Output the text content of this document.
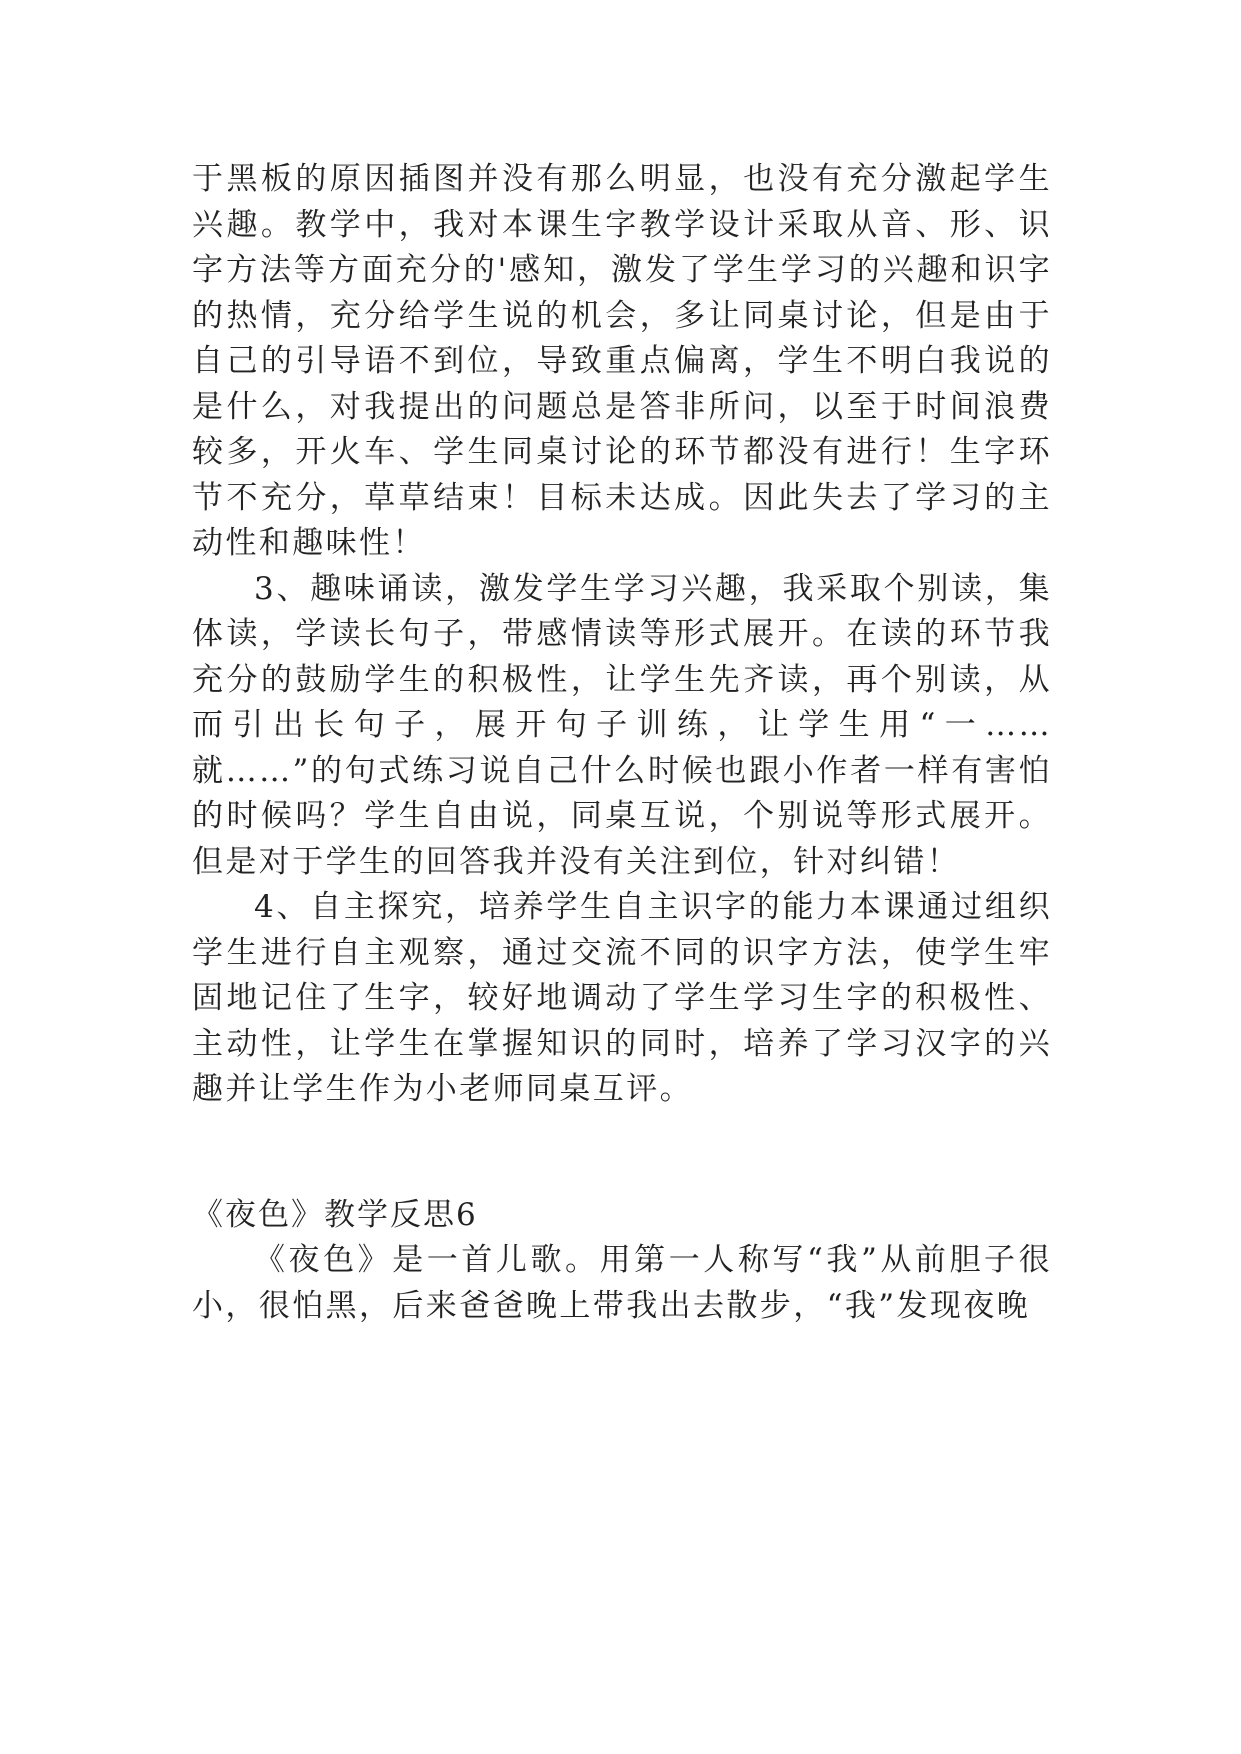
于黑板的原因插图并没有那么明显，也没有充分激起学生兴趣。教学中，我对本课生字教学设计采取从音、形、识字方法等方面充分的'感知，激发了学生学习的兴趣和识字的热情，充分给学生说的机会，多让同桌讨论，但是由于自己的引导语不到位，导致重点偏离，学生不明白我说的是什么，对我提出的问题总是答非所问，以至于时间浪费较多，开火车、学生同桌讨论的环节都没有进行！生字环节不充分，草草结束！目标未达成。因此失去了学习的主动性和趣味性！

3、趣味诵读，激发学生学习兴趣，我采取个别读，集体读，学读长句子，带感情读等形式展开。在读的环节我充分的鼓励学生的积极性，让学生先齐读，再个别读，从而引出长句子，展开句子训练，让学生用“一……就……”的句式练习说自己什么时候也跟小作者一样有害怕的时候吗？学生自由说，同桌互说，个别说等形式展开。但是对于学生的回答我并没有关注到位，针对纠错！

4、自主探究，培养学生自主识字的能力本课通过组织学生进行自主观察，通过交流不同的识字方法，使学生牢固地记住了生字，较好地调动了学生学习生字的积极性、主动性，让学生在掌握知识的同时，培养了学习汉字的兴趣并让学生作为小老师同桌互评。

《夜色》教学反思6

《夜色》是一首儿歌。用第一人称写“我”从前胆子很小，很怕黑，后来爸爸晚上带我出去散步，“我”发现夜晚
